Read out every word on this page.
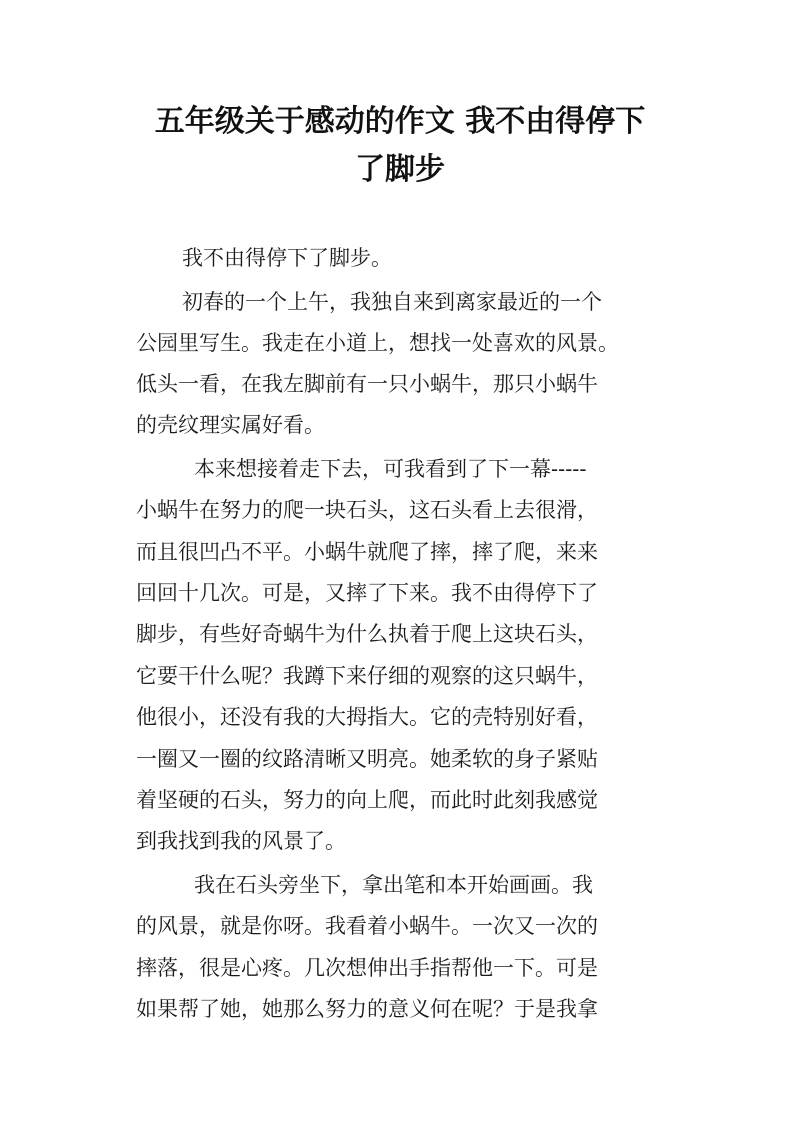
五年级关于感动的作文 我不由得停下
了脚步

我不由得停下了脚步。

初春的一个上午，我独自来到离家最近的一个

公园里写生。我走在小道上，想找一处喜欢的风景。

低头一看，在我左脚前有一只小蜗牛，那只小蜗牛

的壳纹理实属好看。

本来想接着走下去，可我看到了下一幕-----

小蜗牛在努力的爬一块石头，这石头看上去很滑，

而且很凹凸不平。小蜗牛就爬了摔，摔了爬，来来

回回十几次。可是，又摔了下来。我不由得停下了

脚步，有些好奇蜗牛为什么执着于爬上这块石头，

它要干什么呢？我蹲下来仔细的观察的这只蜗牛，

他很小，还没有我的大拇指大。它的壳特别好看，

一圈又一圈的纹路清晰又明亮。她柔软的身子紧贴

着坚硬的石头，努力的向上爬，而此时此刻我感觉

到我找到我的风景了。

我在石头旁坐下，拿出笔和本开始画画。我

的风景，就是你呀。我看着小蜗牛。一次又一次的

摔落，很是心疼。几次想伸出手指帮他一下。可是

如果帮了她，她那么努力的意义何在呢？于是我拿
